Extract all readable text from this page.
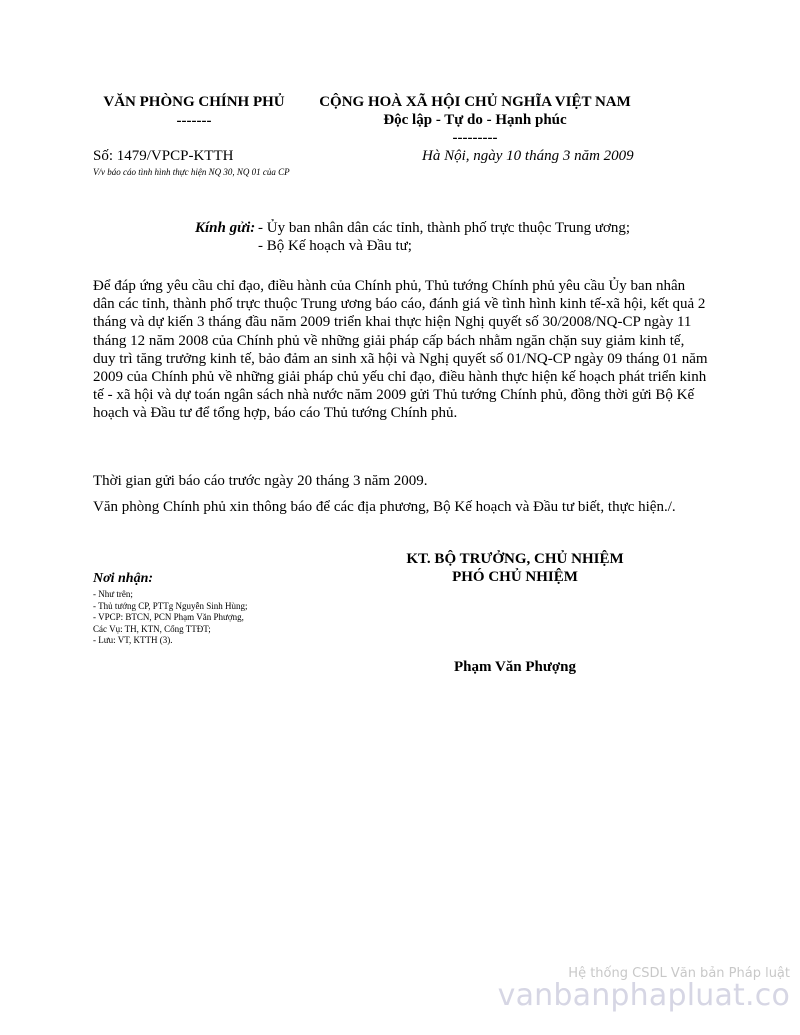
VĂN PHÒNG CHÍNH PHỦ
-------
CỘNG HOÀ XÃ HỘI CHỦ NGHĨA VIỆT NAM
Độc lập - Tự do - Hạnh phúc
---------
Số: 1479/VPCP-KTTH
V/v báo cáo tình hình thực hiện NQ 30, NQ 01 của CP
Hà Nội, ngày 10 tháng 3 năm 2009
Kính gửi: - Ủy ban nhân dân các tỉnh, thành phố trực thuộc Trung ương;
- Bộ Kế hoạch và Đầu tư;
Để đáp ứng yêu cầu chỉ đạo, điều hành của Chính phủ, Thủ tướng Chính phủ yêu cầu Ủy ban nhân dân các tỉnh, thành phố trực thuộc Trung ương báo cáo, đánh giá về tình hình kinh tế-xã hội, kết quả 2 tháng và dự kiến 3 tháng đầu năm 2009 triển khai thực hiện Nghị quyết số 30/2008/NQ-CP ngày 11 tháng 12 năm 2008 của Chính phủ về những giải pháp cấp bách nhằm ngăn chặn suy giảm kinh tế, duy trì tăng trưởng kinh tế, bảo đảm an sinh xã hội và Nghị quyết số 01/NQ-CP ngày 09 tháng 01 năm 2009 của Chính phủ về những giải pháp chủ yếu chỉ đạo, điều hành thực hiện kế hoạch phát triển kinh tế - xã hội và dự toán ngân sách nhà nước năm 2009 gửi Thủ tướng Chính phủ, đồng thời gửi Bộ Kế hoạch và Đầu tư để tổng hợp, báo cáo Thủ tướng Chính phủ.
Thời gian gửi báo cáo trước ngày 20 tháng 3 năm 2009.
Văn phòng Chính phủ xin thông báo để các địa phương, Bộ Kế hoạch và Đầu tư biết, thực hiện./.
KT. BỘ TRƯỞNG, CHỦ NHIỆM
PHÓ CHỦ NHIỆM
Phạm Văn Phượng
Nơi nhận:
- Như trên;
- Thủ tướng CP, PTTg Nguyễn Sinh Hùng;
- VPCP: BTCN, PCN Phạm Văn Phượng,
Các Vụ: TH, KTN, Cổng TTĐT;
- Lưu: VT, KTTH (3).
Hệ thống CSDL Văn bản Pháp luật
vanbanphapluat.co
